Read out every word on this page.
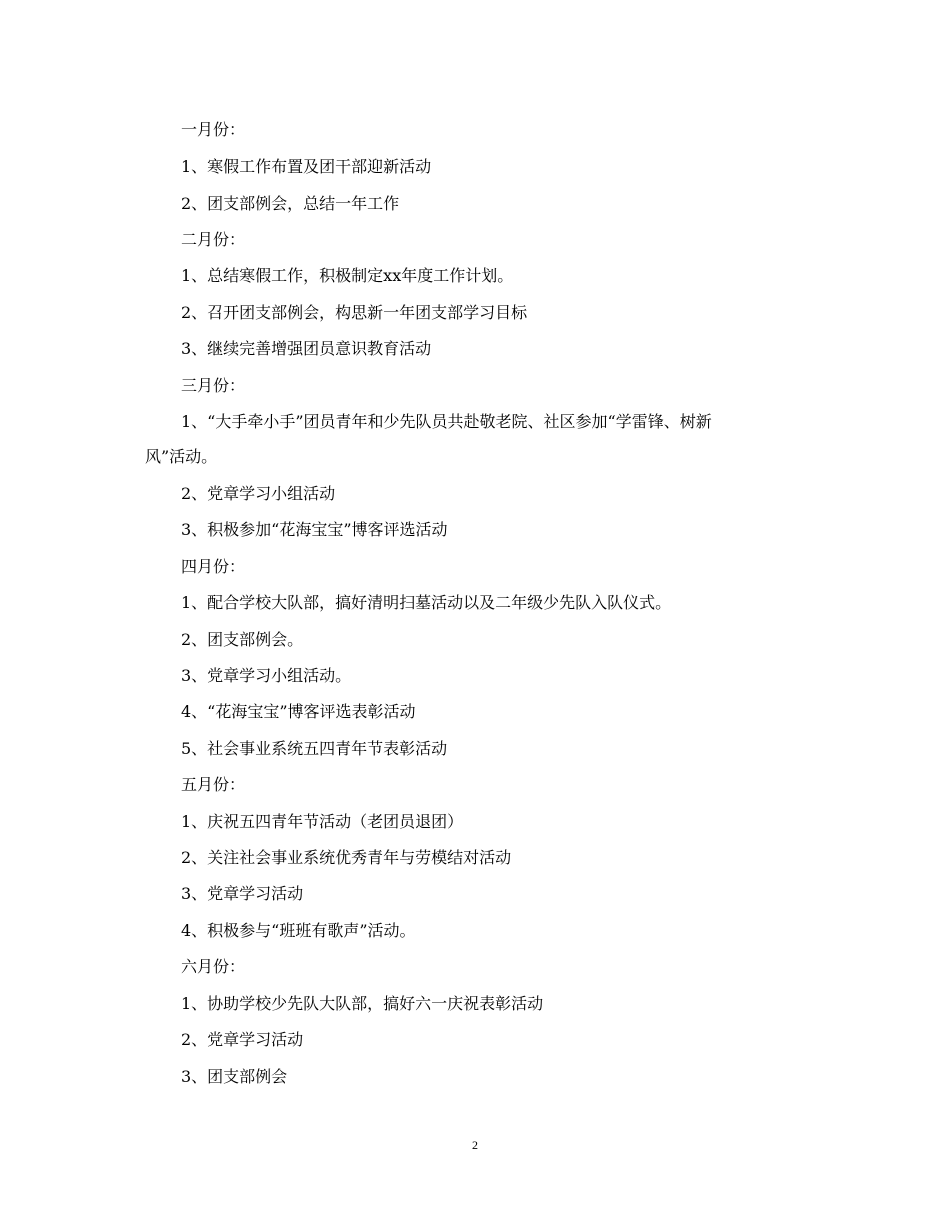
一月份：
1、寒假工作布置及团干部迎新活动
2、团支部例会，总结一年工作
二月份：
1、总结寒假工作，积极制定xx年度工作计划。
2、召开团支部例会，构思新一年团支部学习目标
3、继续完善增强团员意识教育活动
三月份：
1、“大手牵小手”团员青年和少先队员共赴敬老院、社区参加“学雷锋、树新
风”活动。
2、党章学习小组活动
3、积极参加“花海宝宝”博客评选活动
四月份：
1、配合学校大队部，搞好清明扫墓活动以及二年级少先队入队仪式。
2、团支部例会。
3、党章学习小组活动。
4、“花海宝宝”博客评选表彰活动
5、社会事业系统五四青年节表彰活动
五月份：
1、庆祝五四青年节活动（老团员退团）
2、关注社会事业系统优秀青年与劳模结对活动
3、党章学习活动
4、积极参与“班班有歌声”活动。
六月份：
1、协助学校少先队大队部，搞好六一庆祝表彰活动
2、党章学习活动
3、团支部例会
2
